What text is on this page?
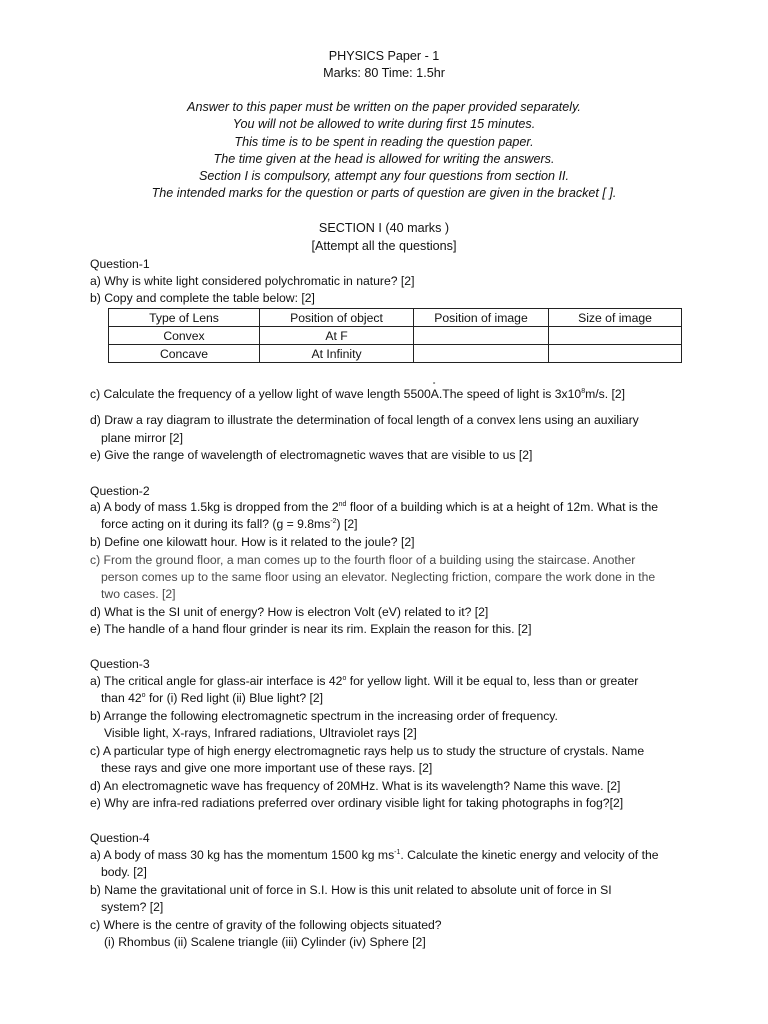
PHYSICS Paper - 1
Marks: 80 Time: 1.5hr
Answer to this paper must be written on the paper provided separately.
You will not be allowed to write during first 15 minutes.
This time is to be spent in reading the question paper.
The time given at the head is allowed for writing the answers.
Section I is compulsory, attempt any four questions from section II.
The intended marks for the question or parts of question are given in the bracket [ ].
SECTION I (40 marks )
[Attempt all the questions]
Question-1
a) Why is white light considered polychromatic in nature? [2]
b) Copy and complete the table below: [2]
Type of Lens	Position of object	Position of image	Size of image
Convex	At F		
Concave	At Infinity		
c) Calculate the frequency of a yellow light of wave length 5500
°
A.The speed of light is $3x10^8m/s$. [2]
d) Draw a ray diagram to illustrate the determination of focal length of a convex lens using an auxiliary
plane mirror [2]
e) Give the range of wavelength of electromagnetic waves that are visible to us [2]
Question-2
a) A body of mass 1.5kg is dropped from the 2nd floor of a building which is at a height of 12m. What is the
force acting on it during its fall? $(g = 9.8ms^{-2})$ [2]
b) Define one kilowatt hour. How is it related to the joule? [2]
c) From the ground floor, a man comes up to the fourth floor of a building using the staircase. Another
person comes up to the same floor using an elevator. Neglecting friction, compare the work done in the
two cases. [2]
d) What is the SI unit of energy? How is electron Volt (eV) related to it? [2]
e) The handle of a hand flour grinder is near its rim. Explain the reason for this. [2]
Question-3
a) The critical angle for glass-air interface is 42$^o$ for yellow light. Will it be equal to, less than or greater
than 42$^o$ for (i) Red light (ii) Blue light? [2]
b) Arrange the following electromagnetic spectrum in the increasing order of frequency.
Visible light, X-rays, Infrared radiations, Ultraviolet rays [2]
c) A particular type of high energy electromagnetic rays help us to study the structure of crystals. Name
these rays and give one more important use of these rays. [2]
d) An electromagnetic wave has frequency of 20MHz. What is its wavelength? Name this wave. [2]
e) Why are infra-red radiations preferred over ordinary visible light for taking photographs in fog?[2]
Question-4
a) A body of mass 30 kg has the momentum 1500 kg $ms^{-1}$. Calculate the kinetic energy and velocity of the
body. [2]
b) Name the gravitational unit of force in S.I. How is this unit related to absolute unit of force in SI
system? [2]
c) Where is the centre of gravity of the following objects situated?
(i) Rhombus (ii) Scalene triangle (iii) Cylinder (iv) Sphere [2]
